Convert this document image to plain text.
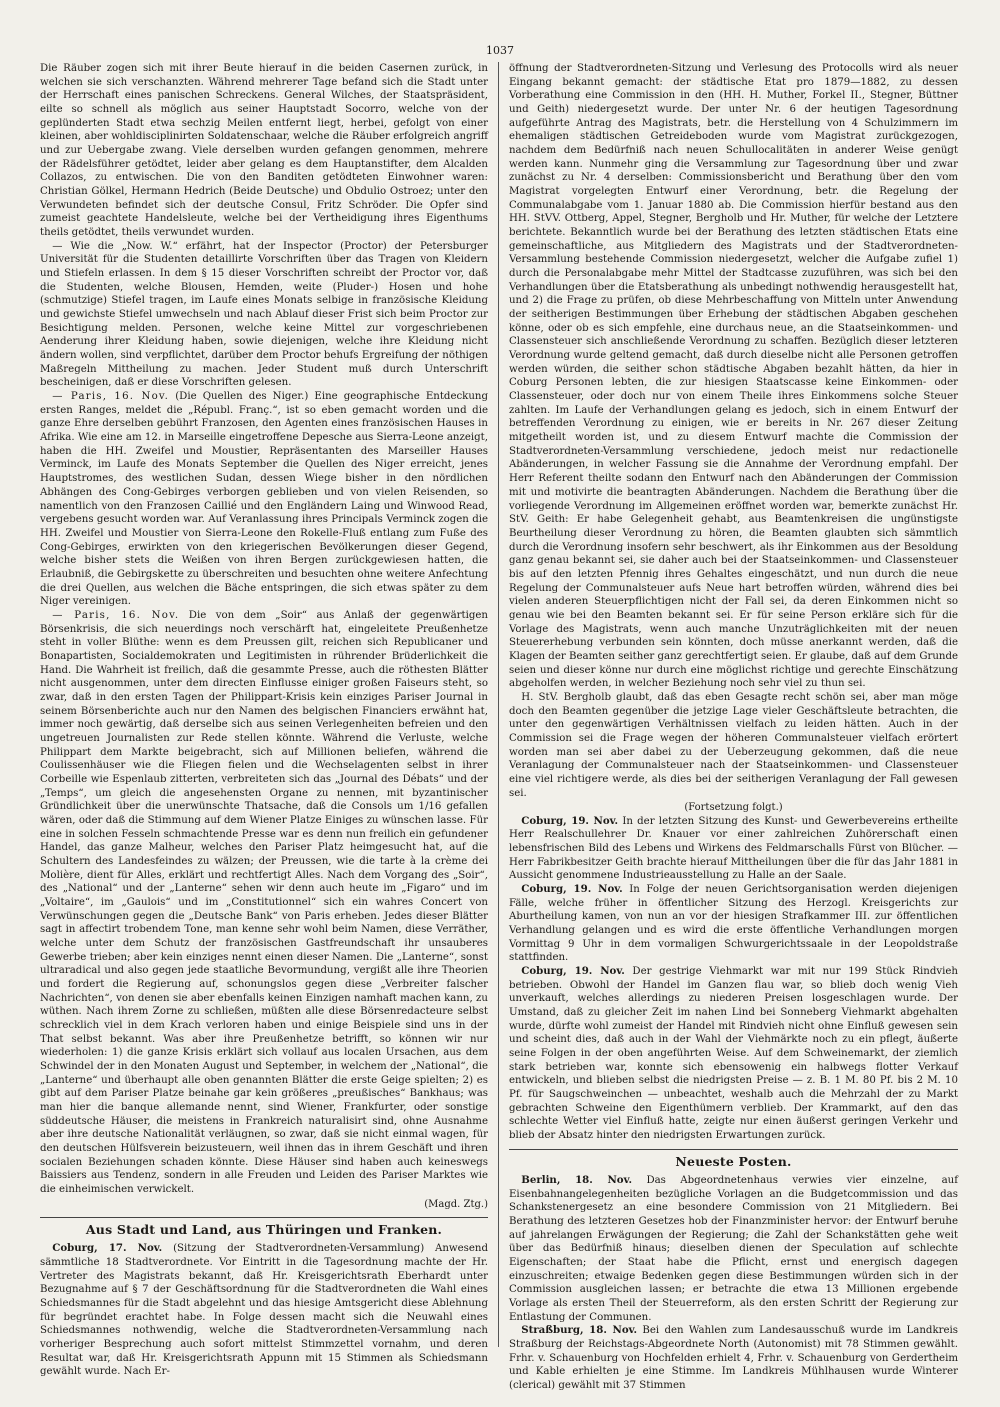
1037

Die Räuber zogen sich mit ihrer Beute hierauf in die beiden Casernen zurück, in welchen sie sich verschanzten. Während mehrerer Tage befand sich die Stadt unter der Herrschaft eines panischen Schreckens. General Wilches, der Staatspräsident, eilte so schnell als möglich aus seiner Hauptstadt Socorro, welche von der geplünderten Stadt etwa sechzig Meilen entfernt liegt, herbei, gefolgt von einer kleinen, aber wohldisciplinirten Soldatenschaar, welche die Räuber erfolgreich angriff und zur Uebergabe zwang. Viele derselben wurden gefangen genommen, mehrere der Rädelsführer getödtet, leider aber gelang es dem Hauptanstifter, dem Alcalden Collazos, zu entwischen. Die von den Banditen getödteten Einwohner waren: Christian Gölkel, Hermann Hedrich (Beide Deutsche) und Obdulio Ostroez; unter den Verwundeten befindet sich der deutsche Consul, Fritz Schröder. Die Opfer sind zumeist geachtete Handelsleute, welche bei der Vertheidigung ihres Eigenthums theils getödtet, theils verwundet wurden.

— Wie die „Now. W.“ erfährt, hat der Inspector (Proctor) der Petersburger Universität für die Studenten detaillirte Vorschriften über das Tragen von Kleidern und Stiefeln erlassen. In dem § 15 dieser Vorschriften schreibt der Proctor vor, daß die Studenten, welche Blousen, Hemden, weite (Pluder-) Hosen und hohe (schmutzige) Stiefel tragen, im Laufe eines Monats selbige in französische Kleidung und gewichste Stiefel umwechseln und nach Ablauf dieser Frist sich beim Proctor zur Besichtigung melden. Personen, welche keine Mittel zur vorgeschriebenen Aenderung ihrer Kleidung haben, sowie diejenigen, welche ihre Kleidung nicht ändern wollen, sind verpflichtet, darüber dem Proctor behufs Ergreifung der nöthigen Maßregeln Mittheilung zu machen. Jeder Student muß durch Unterschrift bescheinigen, daß er diese Vorschriften gelesen.

— Paris, 16. Nov. (Die Quellen des Niger.) Eine geographische Entdeckung ersten Ranges, meldet die „Républ. Franç.“, ist so eben gemacht worden und die ganze Ehre derselben gebührt Franzosen, den Agenten eines französischen Hauses in Afrika. Wie eine am 12. in Marseille eingetroffene Depesche aus Sierra-Leone anzeigt, haben die HH. Zweifel und Moustier, Repräsentanten des Marseiller Hauses Verminck, im Laufe des Monats September die Quellen des Niger erreicht, jenes Hauptstromes, des westlichen Sudan, dessen Wiege bisher in den nördlichen Abhängen des Cong-Gebirges verborgen geblieben und von vielen Reisenden, so namentlich von den Franzosen Caillié und den Engländern Laing und Winwood Read, vergebens gesucht worden war. Auf Veranlassung ihres Principals Verminck zogen die HH. Zweifel und Moustier von Sierra-Leone den Rokelle-Fluß entlang zum Fuße des Cong-Gebirges, erwirkten von den kriegerischen Bevölkerungen dieser Gegend, welche bisher stets die Weißen von ihren Bergen zurückgewiesen hatten, die Erlaubniß, die Gebirgskette zu überschreiten und besuchten ohne weitere Anfechtung die drei Quellen, aus welchen die Bäche entspringen, die sich etwas später zu dem Niger vereinigen.

— Paris, 16. Nov. Die von dem „Soir“ aus Anlaß der gegenwärtigen Börsenkrisis, die sich neuerdings noch verschärft hat, eingeleitete Preußenhetze steht in voller Blüthe: wenn es dem Preussen gilt, reichen sich Republicaner und Bonapartisten, Socialdemokraten und Legitimisten in rührender Brüderlichkeit die Hand. Die Wahrheit ist freilich, daß die gesammte Presse, auch die röthesten Blätter nicht ausgenommen, unter dem directen Einflusse einiger großen Faiseurs steht, so zwar, daß in den ersten Tagen der Philippart-Krisis kein einziges Pariser Journal in seinem Börsenberichte auch nur den Namen des belgischen Financiers erwähnt hat, immer noch gewärtig, daß derselbe sich aus seinen Verlegenheiten befreien und den ungetreuen Journalisten zur Rede stellen könnte. Während die Verluste, welche Philippart dem Markte beigebracht, sich auf Millionen beliefen, während die Coulissenhäuser wie die Fliegen fielen und die Wechselagenten selbst in ihrer Corbeille wie Espenlaub zitterten, verbreiteten sich das „Journal des Débats“ und der „Temps“, um gleich die angesehensten Organe zu nennen, mit byzantinischer Gründlichkeit über die unerwünschte Thatsache, daß die Consols um 1/16 gefallen wären, oder daß die Stimmung auf dem Wiener Platze Einiges zu wünschen lasse. Für eine in solchen Fesseln schmachtende Presse war es denn nun freilich ein gefundener Handel, das ganze Malheur, welches den Pariser Platz heimgesucht hat, auf die Schultern des Landesfeindes zu wälzen; der Preussen, wie die tarte à la crème dei Molière, dient für Alles, erklärt und rechtfertigt Alles. Nach dem Vorgang des „Soir“, des „National“ und der „Lanterne“ sehen wir denn auch heute im „Figaro“ und im „Voltaire“, im „Gaulois“ und im „Constitutionnel“ sich ein wahres Concert von Verwünschungen gegen die „Deutsche Bank“ von Paris erheben. Jedes dieser Blätter sagt in affectirt trobendem Tone, man kenne sehr wohl beim Namen, diese Verräther, welche unter dem Schutz der französischen Gastfreundschaft ihr unsauberes Gewerbe trieben; aber kein einziges nennt einen dieser Namen. Die „Lanterne“, sonst ultraradical und also gegen jede staatliche Bevormundung, vergißt alle ihre Theorien und fordert die Regierung auf, schonungslos gegen diese „Verbreiter falscher Nachrichten“, von denen sie aber ebenfalls keinen Einzigen namhaft machen kann, zu wüthen. Nach ihrem Zorne zu schließen, müßten alle diese Börsenredacteure selbst schrecklich viel in dem Krach verloren haben und einige Beispiele sind uns in der That selbst bekannt. Was aber ihre Preußenhetze betrifft, so können wir nur wiederholen: 1) die ganze Krisis erklärt sich vollauf aus localen Ursachen, aus dem Schwindel der in den Monaten August und September, in welchem der „National“, die „Lanterne“ und überhaupt alle oben genannten Blätter die erste Geige spielten; 2) es gibt auf dem Pariser Platze beinahe gar kein größeres „preußisches“ Bankhaus; was man hier die banque allemande nennt, sind Wiener, Frankfurter, oder sonstige süddeutsche Häuser, die meistens in Frankreich naturalisirt sind, ohne Ausnahme aber ihre deutsche Nationalität verläugnen, so zwar, daß sie nicht einmal wagen, für den deutschen Hülfsverein beizusteuern, weil ihnen das in ihrem Geschäft und ihren socialen Beziehungen schaden könnte. Diese Häuser sind haben auch keineswegs Baissiers aus Tendenz, sondern in alle Freuden und Leiden des Pariser Marktes wie die einheimischen verwickelt.

(Magd. Ztg.)
Aus Stadt und Land, aus Thüringen und Franken.

Coburg, 17. Nov. (Sitzung der Stadtverordneten-Versammlung) Anwesend sämmtliche 18 Stadtverordnete. Vor Eintritt in die Tagesordnung machte der Hr. Vertreter des Magistrats bekannt, daß Hr. Kreisgerichtsrath Eberhardt unter Bezugnahme auf § 7 der Geschäftsordnung für die Stadtverordneten die Wahl eines Schiedsmannes für die Stadt abgelehnt und das hiesige Amtsgericht diese Ablehnung für begründet erachtet habe. In Folge dessen macht sich die Neuwahl eines Schiedsmannes nothwendig, welche die Stadtverordneten-Versammlung nach vorheriger Besprechung auch sofort mittelst Stimmzettel vornahm, und deren Resultat war, daß Hr. Kreisgerichtsrath Appunn mit 15 Stimmen als Schiedsmann gewählt wurde. Nach Er-

öffnung der Stadtverordneten-Sitzung und Verlesung des Protocolls wird als neuer Eingang bekannt gemacht: der städtische Etat pro 1879—1882, zu dessen Vorberathung eine Commission in den (HH. H. Muther, Forkel II., Stegner, Büttner und Geith) niedergesetzt wurde. Der unter Nr. 6 der heutigen Tagesordnung aufgeführte Antrag des Magistrats, betr. die Herstellung von 4 Schulzimmern im ehemaligen städtischen Getreideboden wurde vom Magistrat zurückgezogen, nachdem dem Bedürfniß nach neuen Schullocalitäten in anderer Weise genügt werden kann. Nunmehr ging die Versammlung zur Tagesordnung über und zwar zunächst zu Nr. 4 derselben: Commissionsbericht und Berathung über den vom Magistrat vorgelegten Entwurf einer Verordnung, betr. die Regelung der Communalabgabe vom 1. Januar 1880 ab. Die Commission hierfür bestand aus den HH. StVV. Ottberg, Appel, Stegner, Bergholb und Hr. Muther, für welche der Letztere berichtete. Bekanntlich wurde bei der Berathung des letzten städtischen Etats eine gemeinschaftliche, aus Mitgliedern des Magistrats und der Stadtverordneten-Versammlung bestehende Commission niedergesetzt, welcher die Aufgabe zufiel 1) durch die Personalabgabe mehr Mittel der Stadtcasse zuzuführen, was sich bei den Verhandlungen über die Etatsberathung als unbedingt nothwendig herausgestellt hat, und 2) die Frage zu prüfen, ob diese Mehrbeschaffung von Mitteln unter Anwendung der seitherigen Bestimmungen über Erhebung der städtischen Abgaben geschehen könne, oder ob es sich empfehle, eine durchaus neue, an die Staatseinkommen- und Classensteuer sich anschließende Verordnung zu schaffen. Bezüglich dieser letzteren Verordnung wurde geltend gemacht, daß durch dieselbe nicht alle Personen getroffen werden würden, die seither schon städtische Abgaben bezahlt hätten, da hier in Coburg Personen lebten, die zur hiesigen Staatscasse keine Einkommen- oder Classensteuer, oder doch nur von einem Theile ihres Einkommens solche Steuer zahlten. Im Laufe der Verhandlungen gelang es jedoch, sich in einem Entwurf der betreffenden Verordnung zu einigen, wie er bereits in Nr. 267 dieser Zeitung mitgetheilt worden ist, und zu diesem Entwurf machte die Commission der Stadtverordneten-Versammlung verschiedene, jedoch meist nur redactionelle Abänderungen, in welcher Fassung sie die Annahme der Verordnung empfahl. Der Herr Referent theilte sodann den Entwurf nach den Abänderungen der Commission mit und motivirte die beantragten Abänderungen. Nachdem die Berathung über die vorliegende Verordnung im Allgemeinen eröffnet worden war, bemerkte zunächst Hr. StV. Geith: Er habe Gelegenheit gehabt, aus Beamtenkreisen die ungünstigste Beurtheilung dieser Verordnung zu hören, die Beamten glaubten sich sämmtlich durch die Verordnung insofern sehr beschwert, als ihr Einkommen aus der Besoldung ganz genau bekannt sei, sie daher auch bei der Staatseinkommen- und Classensteuer bis auf den letzten Pfennig ihres Gehaltes eingeschätzt, und nun durch die neue Regelung der Communalsteuer aufs Neue hart betroffen würden, während dies bei vielen anderen Steuerpflichtigen nicht der Fall sei, da deren Einkommen nicht so genau wie bei den Beamten bekannt sei. Er für seine Person erkläre sich für die Vorlage des Magistrats, wenn auch manche Unzuträglichkeiten mit der neuen Steuererhebung verbunden sein könnten, doch müsse anerkannt werden, daß die Klagen der Beamten seither ganz gerechtfertigt seien. Er glaube, daß auf dem Grunde seien und dieser könne nur durch eine möglichst richtige und gerechte Einschätzung abgeholfen werden, in welcher Beziehung noch sehr viel zu thun sei.

H. StV. Bergholb glaubt, daß das eben Gesagte recht schön sei, aber man möge doch den Beamten gegenüber die jetzige Lage vieler Geschäftsleute betrachten, die unter den gegenwärtigen Verhältnissen vielfach zu leiden hätten. Auch in der Commission sei die Frage wegen der höheren Communalsteuer vielfach erörtert worden man sei aber dabei zu der Ueberzeugung gekommen, daß die neue Veranlagung der Communalsteuer nach der Staatseinkommen- und Classensteuer eine viel richtigere werde, als dies bei der seitherigen Veranlagung der Fall gewesen sei.

(Fortsetzung folgt.)

Coburg, 19. Nov. In der letzten Sitzung des Kunst- und Gewerbevereins ertheilte Herr Realschullehrer Dr. Knauer vor einer zahlreichen Zuhörerschaft einen lebensfrischen Bild des Lebens und Wirkens des Feldmarschalls Fürst von Blücher. — Herr Fabrikbesitzer Geith brachte hierauf Mittheilungen über die für das Jahr 1881 in Aussicht genommene Industrieausstellung zu Halle an der Saale.

Coburg, 19. Nov. In Folge der neuen Gerichtsorganisation werden diejenigen Fälle, welche früher in öffentlicher Sitzung des Herzogl. Kreisgerichts zur Aburtheilung kamen, von nun an vor der hiesigen Strafkammer III. zur öffentlichen Verhandlung gelangen und es wird die erste öffentliche Verhandlungen morgen Vormittag 9 Uhr in dem vormaligen Schwurgerichtssaale in der Leopoldstraße stattfinden.

Coburg, 19. Nov. Der gestrige Viehmarkt war mit nur 199 Stück Rindvieh betrieben. Obwohl der Handel im Ganzen flau war, so blieb doch wenig Vieh unverkauft, welches allerdings zu niederen Preisen losgeschlagen wurde. Der Umstand, daß zu gleicher Zeit im nahen Lind bei Sonneberg Viehmarkt abgehalten wurde, dürfte wohl zumeist der Handel mit Rindvieh nicht ohne Einfluß gewesen sein und scheint dies, daß auch in der Wahl der Viehmärkte noch zu ein pflegt, äußerte seine Folgen in der oben angeführten Weise. Auf dem Schweinemarkt, der ziemlich stark betrieben war, konnte sich ebensowenig ein halbwegs flotter Verkauf entwickeln, und blieben selbst die niedrigsten Preise — z. B. 1 M. 80 Pf. bis 2 M. 10 Pf. für Saugschweinchen — unbeachtet, weshalb auch die Mehrzahl der zu Markt gebrachten Schweine den Eigenthümern verblieb. Der Krammarkt, auf den das schlechte Wetter viel Einfluß hatte, zeigte nur einen äußerst geringen Verkehr und blieb der Absatz hinter den niedrigsten Erwartungen zurück.

Neueste Posten.

Berlin, 18. Nov. Das Abgeordnetenhaus verwies vier einzelne, auf Eisenbahnangelegenheiten bezügliche Vorlagen an die Budgetcommission und das Schankstenergesetz an eine besondere Commission von 21 Mitgliedern. Bei Berathung des letzteren Gesetzes hob der Finanzminister hervor: der Entwurf beruhe auf jahrelangen Erwägungen der Regierung; die Zahl der Schankstätten gehe weit über das Bedürfniß hinaus; dieselben dienen der Speculation auf schlechte Eigenschaften; der Staat habe die Pflicht, ernst und energisch dagegen einzuschreiten; etwaige Bedenken gegen diese Bestimmungen würden sich in der Commission ausgleichen lassen; er betrachte die etwa 13 Millionen ergebende Vorlage als ersten Theil der Steuerreform, als den ersten Schritt der Regierung zur Entlastung der Communen.

Straßburg, 18. Nov. Bei den Wahlen zum Landesausschuß wurde im Landkreis Straßburg der Reichstags-Abgeordnete North (Autonomist) mit 78 Stimmen gewählt. Frhr. v. Schauenburg von Hochfelden erhielt 4, Frhr. v. Schauenburg von Gerdertheim und Kable erhielten je eine Stimme. Im Landkreis Mühlhausen wurde Winterer (clerical) gewählt mit 37 Stimmen
